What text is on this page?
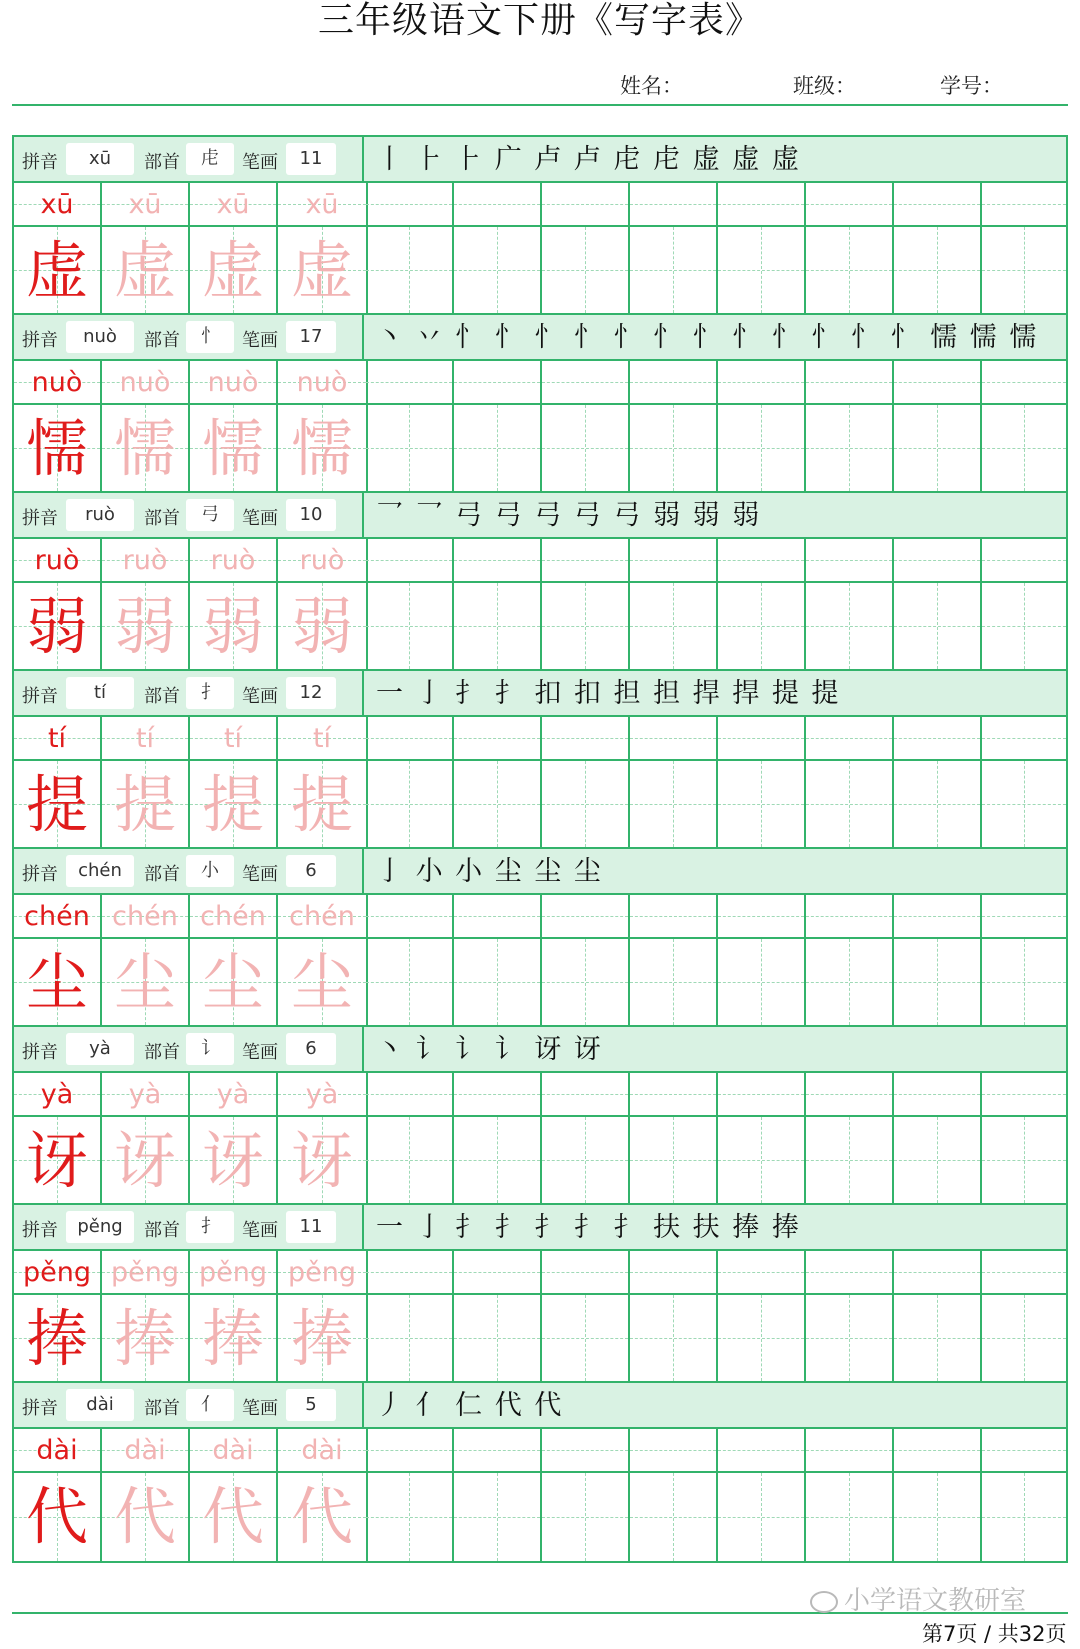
三年级语文下册《写字表》
姓名：	班级：	学号：
拼音	xū	部首	虍	笔画	11	丨 ⺊ ⺊ 广 卢 卢 虍 虍 虚 虚 虚
xū	xū	xū	xū
虚 虚 虚 虚
拼音	nuò	部首	忄	笔画	17	丶 丷 忄 忄 忄 忄 忄 忄 忄 忄 忄 忄 忄 忄 懦 懦 懦
nuò	nuò	nuò	nuò
懦 懦 懦 懦
拼音	ruò	部首	弓	笔画	10	乛 乛 弓 弓 弓 弓 弓 弱 弱 弱
ruò	ruò	ruò	ruò
弱 弱 弱 弱
拼音	tí	部首	扌	笔画	12	一 亅 扌 扌 扣 扣 担 担 捍 捍 提 提
tí	tí	tí	tí
提 提 提 提
拼音	chén	部首	小	笔画	6	亅 小 小 尘 尘 尘
chén chén chén chén
尘 尘 尘 尘
拼音	yà	部首	讠	笔画	6	丶 讠 讠 讠 讶 讶
yà	yà	yà	yà
讶 讶 讶 讶
拼音	pěng	部首	扌	笔画	11	一 亅 扌 扌 扌 扌 扌 扶 扶 捧 捧
pěng pěng pěng pěng
捧 捧 捧 捧
拼音	dài	部首	亻	笔画	5	丿 亻 仁 代 代
dài	dài	dài	dài
代 代 代 代
小学语文教研室
第7页 / 共32页
